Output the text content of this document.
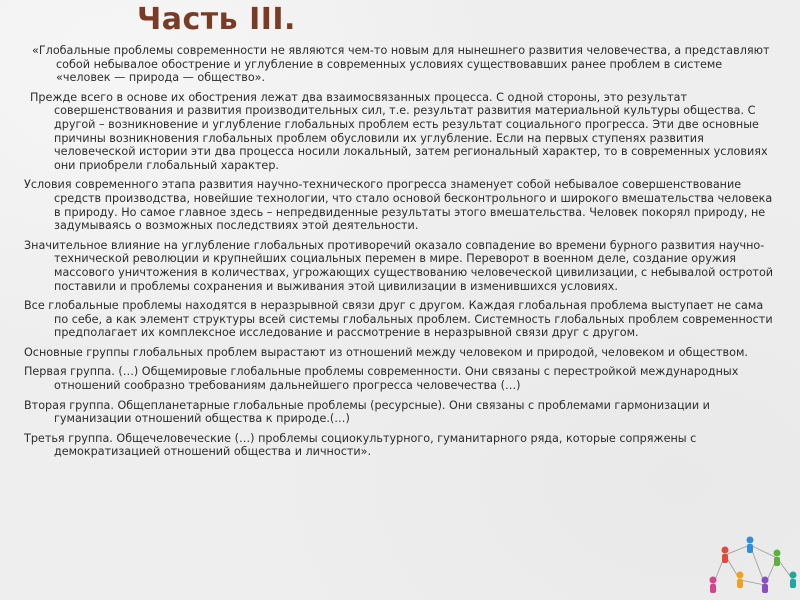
Часть III.

«Глобальные проблемы современности не являются чем-то новым для нынешнего развития человечества, а представляют собой небывалое обострение и углубление в современных условиях существовавших ранее проблем в системе «человек — природа — общество».

Прежде всего в основе их обострения лежат два взаимосвязанных процесса. С одной стороны, это результат совершенствования и развития производительных сил, т.е. результат развития материальной культуры общества. С другой – возникновение и углубление глобальных проблем есть результат социального прогресса. Эти две основные причины возникновения глобальных проблем обусловили их углубление. Если на первых ступенях развития человеческой истории эти два процесса носили локальный, затем региональный характер, то в современных условиях они приобрели глобальный характер.

Условия современного этапа развития научно-технического прогресса знаменует собой небывалое совершенствование средств производства, новейшие технологии, что стало основой бесконтрольного и широкого вмешательства человека в природу. Но самое главное здесь – непредвиденные результаты этого вмешательства. Человек покорял природу, не задумываясь о возможных последствиях этой деятельности.

Значительное влияние на углубление глобальных противоречий оказало совпадение во времени бурного развития научно-технической революции и крупнейших социальных перемен в мире. Переворот в военном деле, создание оружия массового уничтожения в количествах, угрожающих существованию человеческой цивилизации, с небывалой остротой поставили и проблемы сохранения и выживания этой цивилизации в изменившихся условиях.

Все глобальные проблемы находятся в неразрывной связи друг с другом. Каждая глобальная проблема выступает не сама по себе, а как элемент структуры всей системы глобальных проблем. Системность глобальных проблем современности предполагает их комплексное исследование и рассмотрение в неразрывной связи друг с другом.

Основные группы глобальных проблем вырастают из отношений между человеком и природой, человеком и обществом.

Первая группа. (…) Общемировые глобальные проблемы современности. Они связаны с перестройкой международных отношений сообразно требованиям дальнейшего прогресса человечества (…)

Вторая группа. Общепланетарные глобальные проблемы (ресурсные). Они связаны с проблемами гармонизации и гуманизации отношений общества к природе.(…)

Третья группа. Общечеловеческие (…) проблемы социокультурного, гуманитарного ряда, которые сопряжены с демократизацией отношений общества и личности».
